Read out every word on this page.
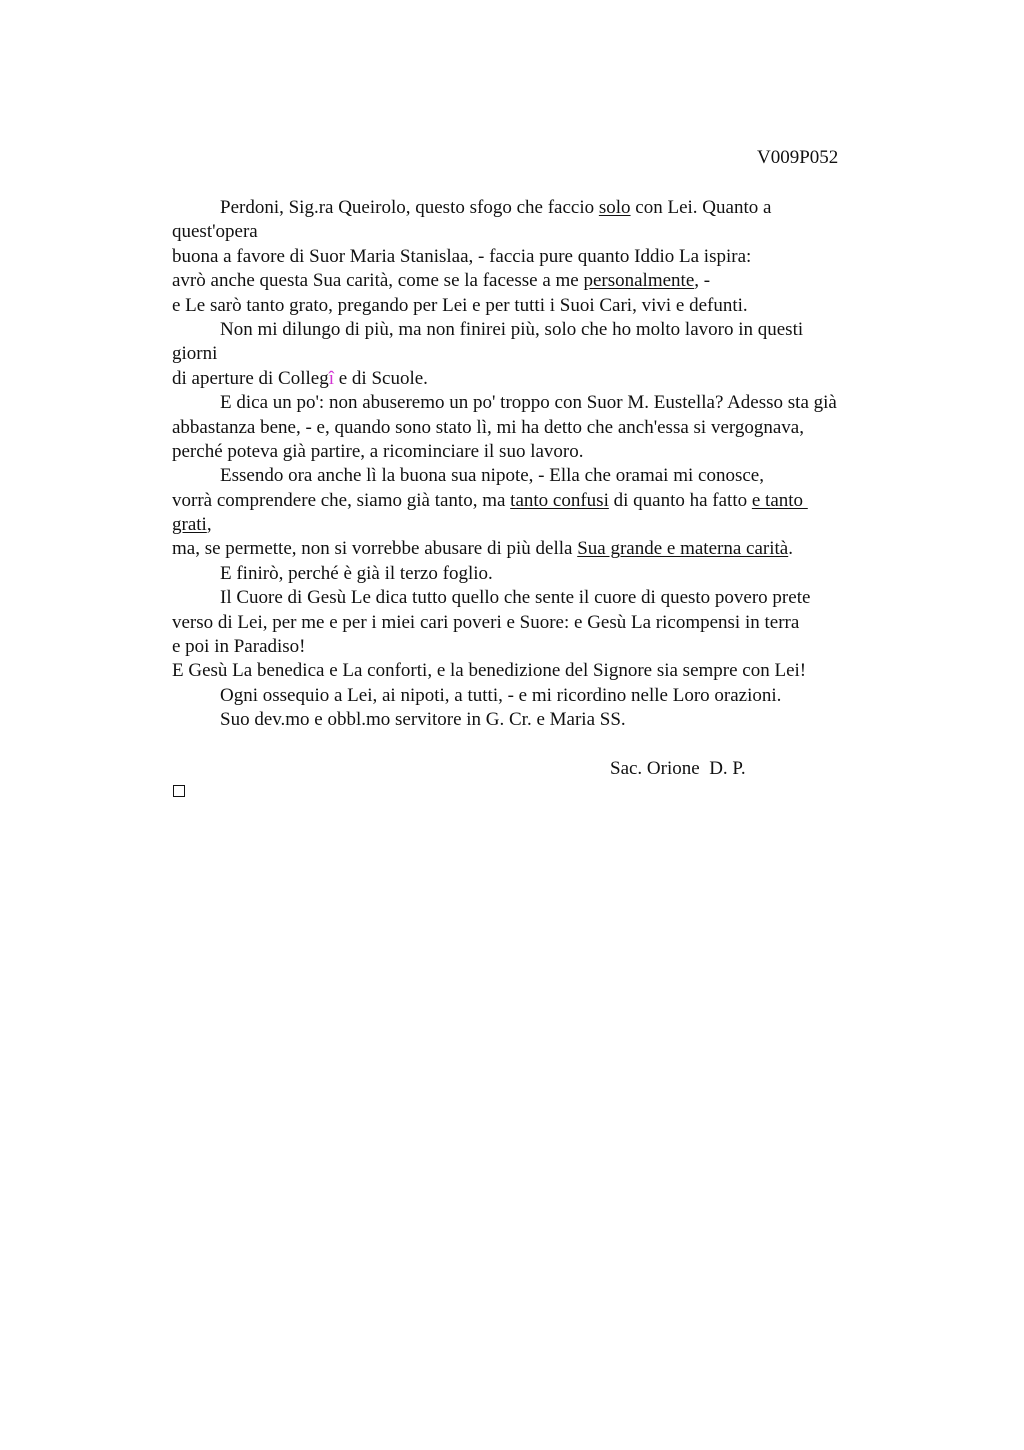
V009P052
Perdoni, Sig.ra Queirolo, questo sfogo che faccio solo con Lei. Quanto a
quest'opera
buona a favore di Suor Maria Stanislaa, - faccia pure quanto Iddio La ispira:
avrò anche questa Sua carità, come se la facesse a me personalmente, -
e Le sarò tanto grato, pregando per Lei e per tutti i Suoi Cari, vivi e defunti.
Non mi dilungo di più, ma non finirei più, solo che ho molto lavoro in questi
giorni
di aperture di Collegî e di Scuole.
E dica un po': non abuseremo un po' troppo con Suor M. Eustella? Adesso sta già
abbastanza bene, - e, quando sono stato lì, mi ha detto che anch'essa si vergognava,
perché poteva già partire, a ricominciare il suo lavoro.
Essendo ora anche lì la buona sua nipote, - Ella che oramai mi conosce,
vorrà comprendere che, siamo già tanto, ma tanto confusi di quanto ha fatto e tanto
grati,
ma, se permette, non si vorrebbe abusare di più della Sua grande e materna carità.
E finirò, perché è già il terzo foglio.
Il Cuore di Gesù Le dica tutto quello che sente il cuore di questo povero prete
verso di Lei, per me e per i miei cari poveri e Suore: e Gesù La ricompensi in terra
e poi in Paradiso!
E Gesù La benedica e La conforti, e la benedizione del Signore sia sempre con Lei!
Ogni ossequio a Lei, ai nipoti, a tutti, - e mi ricordino nelle Loro orazioni.
Suo dev.mo e obbl.mo servitore in G. Cr. e Maria SS.
Sac. Orione  D. P.
